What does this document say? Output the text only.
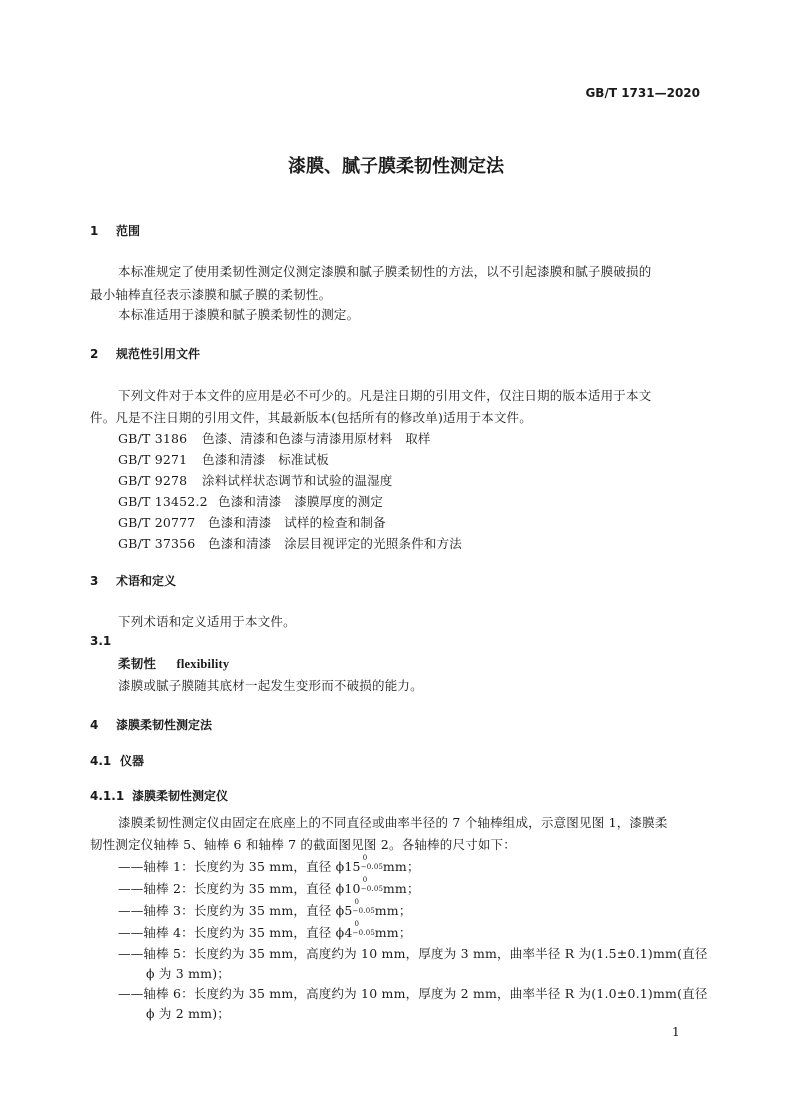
GB/T 1731—2020
漆膜、腻子膜柔韧性测定法
1 范围
本标准规定了使用柔韧性测定仪测定漆膜和腻子膜柔韧性的方法，以不引起漆膜和腻子膜破损的
最小轴棒直径表示漆膜和腻子膜的柔韧性。
本标准适用于漆膜和腻子膜柔韧性的测定。
2 规范性引用文件
下列文件对于本文件的应用是必不可少的。凡是注日期的引用文件，仅注日期的版本适用于本文
件。凡是不注日期的引用文件，其最新版本(包括所有的修改单)适用于本文件。
GB/T 3186 色漆、清漆和色漆与清漆用原材料　取样
GB/T 9271 色漆和清漆　标准试板
GB/T 9278 涂料试样状态调节和试验的温湿度
GB/T 13452.2 色漆和清漆　漆膜厚度的测定
GB/T 20777 色漆和清漆　试样的检查和制备
GB/T 37356 色漆和清漆　涂层目视评定的光照条件和方法
3 术语和定义
下列术语和定义适用于本文件。
3.1
柔韧性 flexibility
漆膜或腻子膜随其底材一起发生变形而不破损的能力。
4 漆膜柔韧性测定法
4.1 仪器
4.1.1 漆膜柔韧性测定仪
漆膜柔韧性测定仪由固定在底座上的不同直径或曲率半径的 7 个轴棒组成，示意图见图 1，漆膜柔
韧性测定仪轴棒 5、轴棒 6 和轴棒 7 的截面图见图 2。各轴棒的尺寸如下：
——轴棒 1：长度约为 35 mm，直径 ϕ15
0
−0.05
mm；
——轴棒 2：长度约为 35 mm，直径 ϕ10
0
−0.05
mm；
——轴棒 3：长度约为 35 mm，直径 ϕ5
0
−0.05
mm；
——轴棒 4：长度约为 35 mm，直径 ϕ4
0
−0.05
mm；
——轴棒 5：长度约为 35 mm，高度约为 10 mm，厚度为 3 mm，曲率半径 R 为(1.5±0.1)mm(直径
ϕ 为 3 mm)；
——轴棒 6：长度约为 35 mm，高度约为 10 mm，厚度为 2 mm，曲率半径 R 为(1.0±0.1)mm(直径
ϕ 为 2 mm)；
1
